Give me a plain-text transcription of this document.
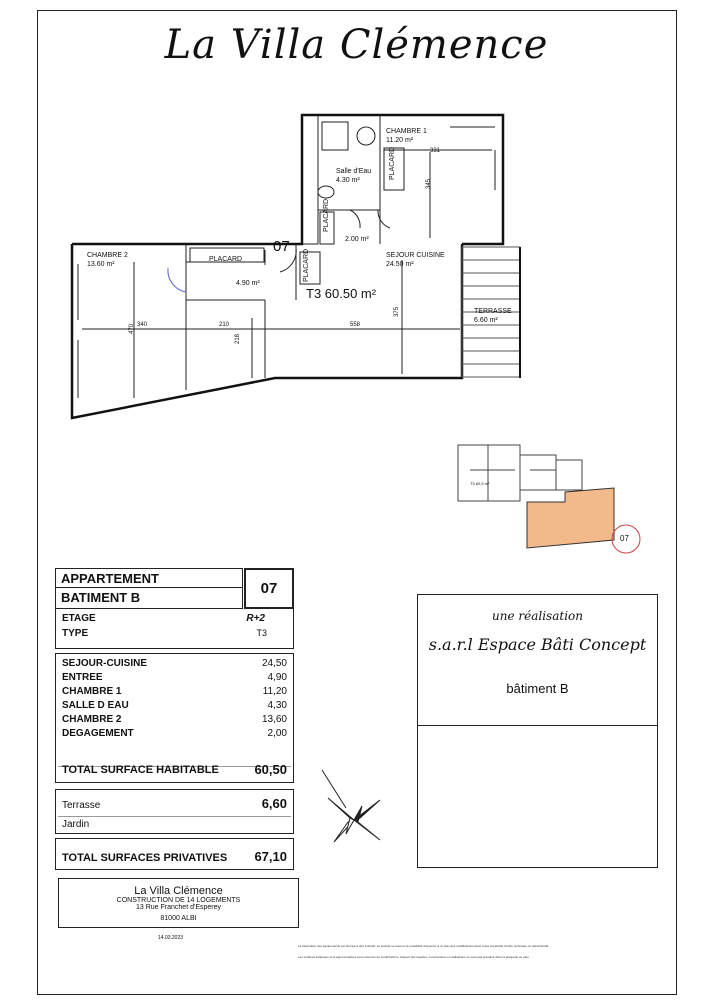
La Villa Clémence
CHAMBRE 1
11.20 m²
Salle d'Eau
4.30 m²
2.00 m²
CHAMBRE 2
13.60 m²
4.90 m²
SEJOUR CUISINE
24.50 m²
TERRASSE
6.60 m²
PLACARD	PLACARD
PLACARD
PLACARD
07
T3 60.50 m²
331
345
210	558
375
218
470 340
T3 60,5 m²
07
APPARTEMENT
BATIMENT B
07
ETAGE	R+2
TYPE	T3
SEJOUR-CUISINE	24,50
ENTREE	4,90
CHAMBRE 1	11,20
SALLE D EAU	4,30
CHAMBRE 2	13,60
DEGAGEMENT	2,00
TOTAL SURFACE HABITABLE	60,50
Terrasse	6,60
Jardin
TOTAL SURFACES PRIVATIVES 67,10
La Villa Clémence
CONSTRUCTION DE 14 LOGEMENTS
13 Rue Franchet d'Esperey
81000 ALBI
14.03.2023
une réalisation
s.a.r.l Espace Bâti Concept
bâtiment B
La disposition des équipements est donnée à titre indicatif. La société se réserve la possibilité d'apporter à ce plan des modifications dans à des impératifs d'ordre technique ou administratif.
Les surfaces indiquées sont approximatives sous réserves de modifications, l'aspect des façades, constructions et réalisations ne peut pas prévaloir dans la plaquette ce plan.
